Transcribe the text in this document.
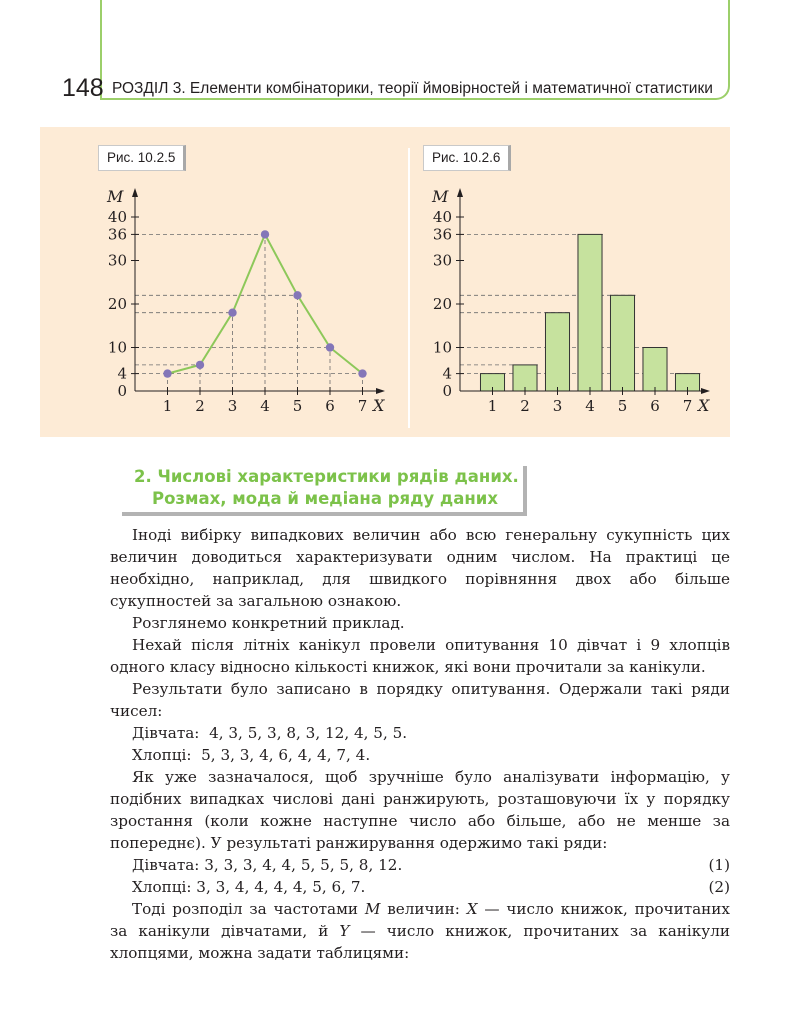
148 РОЗДІЛ 3. Елементи комбінаторики, теорії ймовірностей і математичної статистики
Рис. 10.2.5	Рис. 10.2.6
M
X
0
4
10
20
30
36
40
1 2 3 4 5 6 7
M
X
0
4
10
20
30
36
40
1 2 3 4 5 6 7
2. Числові характеристики рядів даних.
Розмах, мода й медіана ряду даних
Іноді вибірку випадкових величин або всю генеральну сукупність цих величин доводиться характеризувати одним числом. На практиці це необхідно, наприклад, для швидкого порівняння двох або більше сукупностей за загальною ознакою.
Розглянемо конкретний приклад.
Нехай після літніх канікул провели опитування 10 дівчат і 9 хлопців одного класу відносно кількості книжок, які вони прочитали за канікули.
Результати було записано в порядку опитування. Одержали такі ряди чисел:
Дівчата:  4, 3, 5, 3, 8, 3, 12, 4, 5, 5.
Хлопці:  5, 3, 3, 4, 6, 4, 4, 7, 4.
Як уже зазначалося, щоб зручніше було аналізувати інформацію, у подібних випадках числові дані ранжирують, розташовуючи їх у порядку зростання (коли кожне наступне число або більше, або не менше за попереднє). У результаті ранжирування одержимо такі ряди:
Дівчата: 3, 3, 3, 4, 4, 5, 5, 5, 8, 12.	(1)
Хлопці: 3, 3, 4, 4, 4, 4, 5, 6, 7.	(2)
Тоді розподіл за частотами M величин: X — число книжок, прочитаних за канікули дівчатами, й Y — число книжок, прочитаних за канікули хлопцями, можна задати таблицями:
